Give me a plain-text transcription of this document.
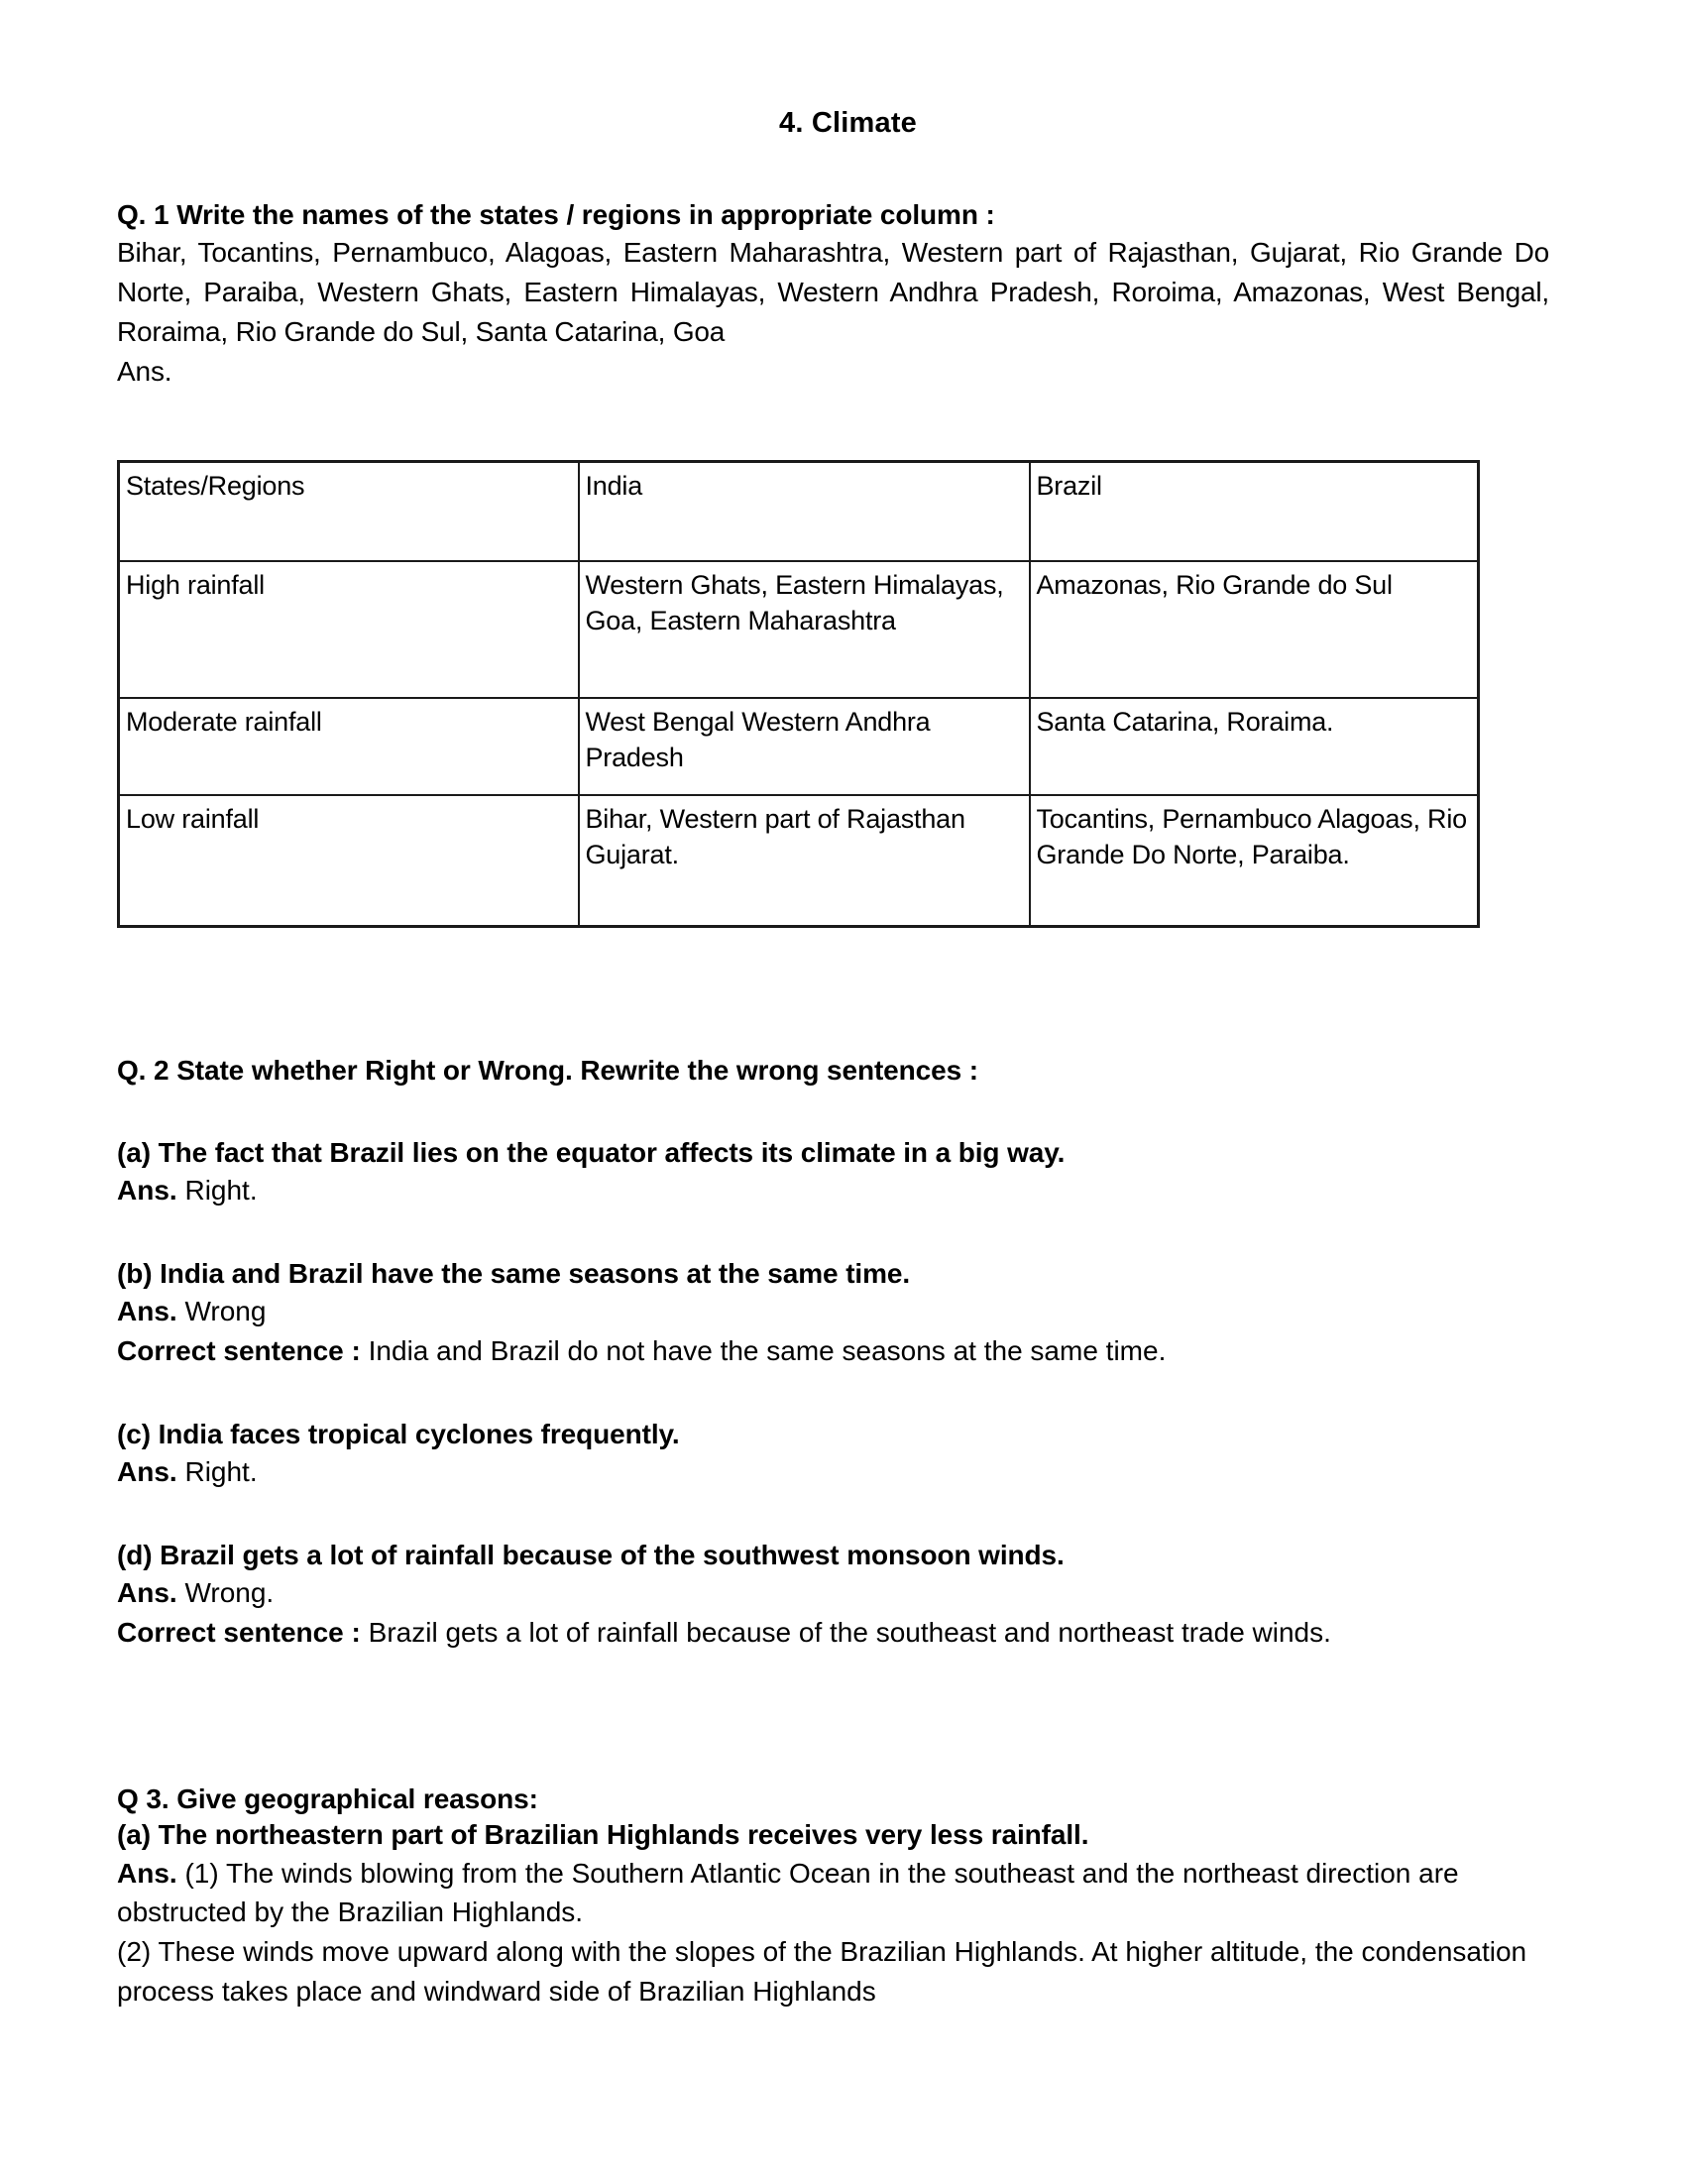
4. Climate
Q. 1 Write the names of the states / regions in appropriate column :
Bihar, Tocantins, Pernambuco, Alagoas, Eastern Maharashtra, Western part of Rajasthan, Gujarat, Rio Grande Do Norte, Paraiba, Western Ghats, Eastern Himalayas, Western Andhra Pradesh, Roroima, Amazonas, West Bengal, Roraima, Rio Grande do Sul, Santa Catarina, Goa
Ans.
States/Regions	India	Brazil
High rainfall	Western Ghats, Eastern Himalayas, Goa, Eastern Maharashtra	Amazonas, Rio Grande do Sul
Moderate rainfall	West Bengal Western Andhra Pradesh	Santa Catarina, Roraima.
Low rainfall	Bihar, Western part of Rajasthan Gujarat.	Tocantins, Pernambuco Alagoas, Rio Grande Do Norte, Paraiba.
Q. 2 State whether Right or Wrong. Rewrite the wrong sentences :
(a) The fact that Brazil lies on the equator affects its climate in a big way.
Ans. Right.
(b) India and Brazil have the same seasons at the same time.
Ans. Wrong
Correct sentence : India and Brazil do not have the same seasons at the same time.
(c) India faces tropical cyclones frequently.
Ans. Right.
(d) Brazil gets a lot of rainfall because of the southwest monsoon winds.
Ans. Wrong.
Correct sentence : Brazil gets a lot of rainfall because of the southeast and northeast trade winds.
Q 3. Give geographical reasons:
(a) The northeastern part of Brazilian Highlands receives very less rainfall.
Ans. (1) The winds blowing from the Southern Atlantic Ocean in the southeast and the northeast direction are obstructed by the Brazilian Highlands.
(2) These winds move upward along with the slopes of the Brazilian Highlands. At higher altitude, the condensation process takes place and windward side of Brazilian Highlands
